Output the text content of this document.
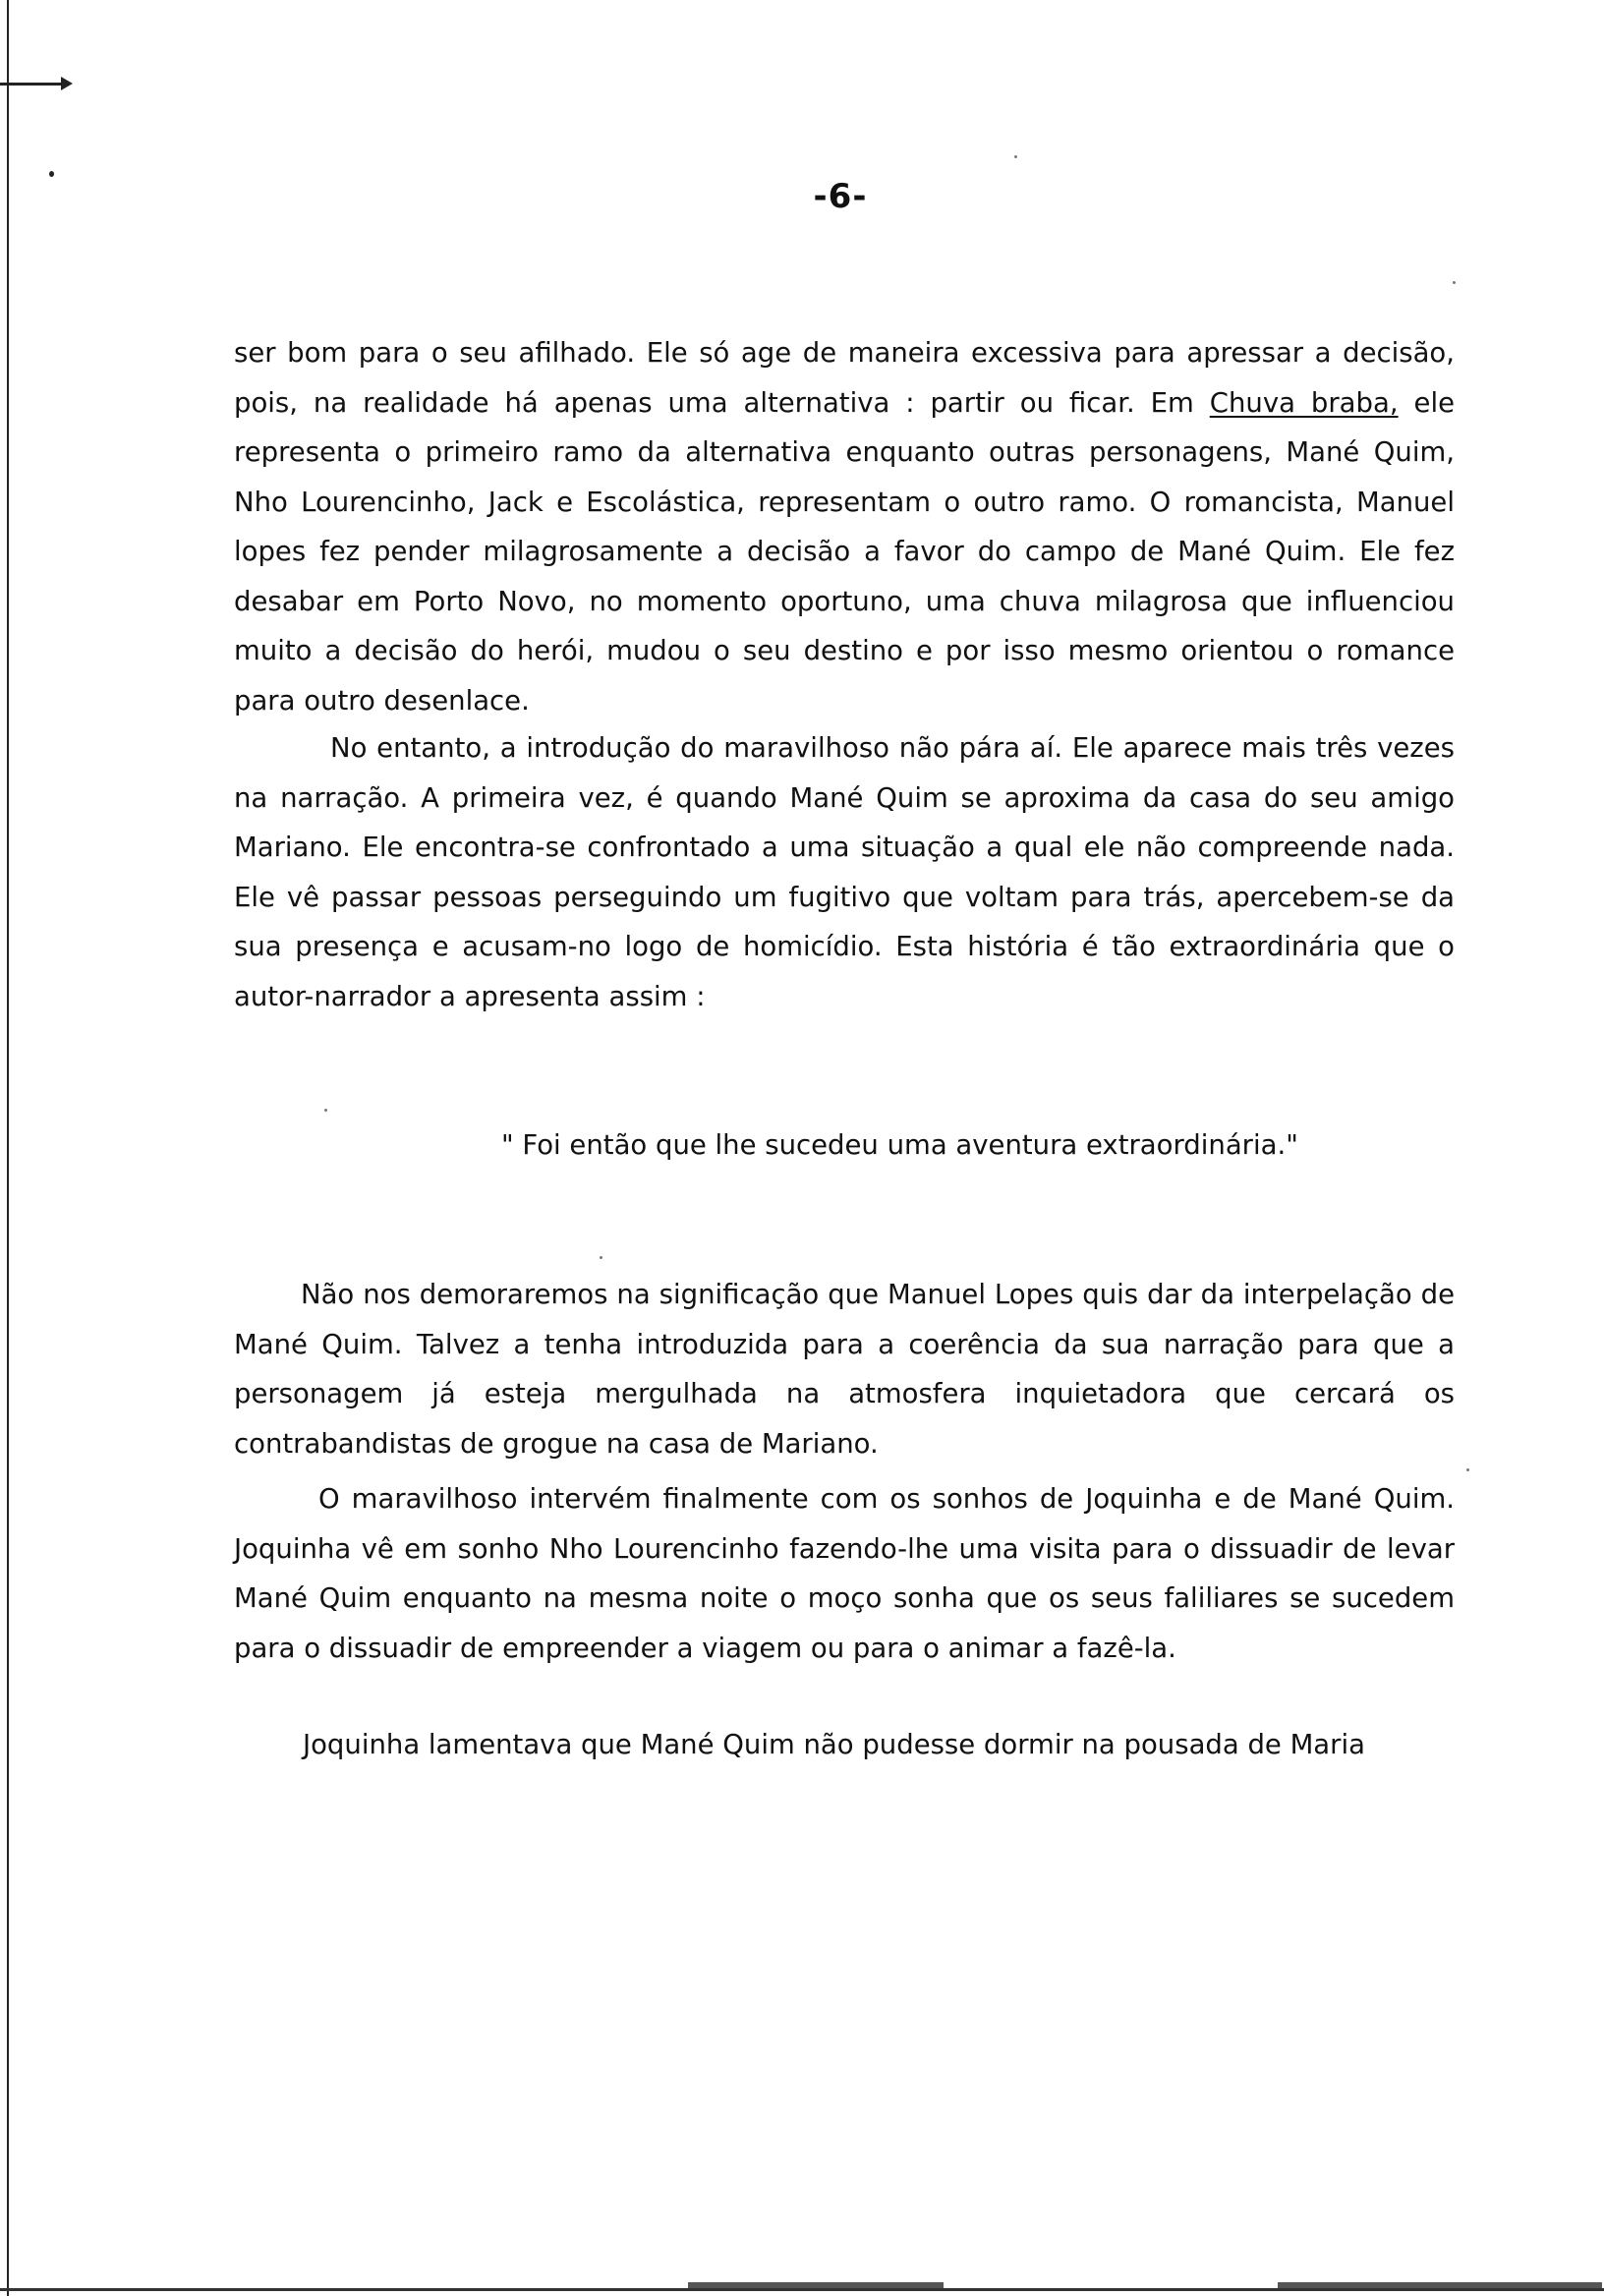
-6-

ser bom para o seu afilhado. Ele só age de maneira excessiva para apressar a decisão, pois, na realidade há apenas uma alternativa : partir ou ficar. Em Chuva braba, ele representa o primeiro ramo da alternativa enquanto outras personagens, Mané Quim, Nho Lourencinho, Jack e Escolástica, representam o outro ramo. O romancista, Manuel lopes fez pender milagrosamente a decisão a favor do campo de Mané Quim. Ele fez desabar em Porto Novo, no momento oportuno, uma chuva milagrosa que influenciou muito a decisão do herói, mudou o seu destino e por isso mesmo orientou o romance para outro desenlace.

No entanto, a introdução do maravilhoso não pára aí. Ele aparece mais três vezes na narração. A primeira vez, é quando Mané Quim se aproxima da casa do seu amigo Mariano. Ele encontra-se confrontado a uma situação a qual ele não compreende nada. Ele vê passar pessoas perseguindo um fugitivo que voltam para trás, apercebem-se da sua presença e acusam-no logo de homicídio. Esta história é tão extraordinária que o autor-narrador a apresenta assim :

" Foi então que lhe sucedeu uma aventura extraordinária."

Não nos demoraremos na significação que Manuel Lopes quis dar da interpelação de Mané Quim. Talvez a tenha introduzida para a coerência da sua narração para que a personagem já esteja mergulhada na atmosfera inquietadora que cercará os contrabandistas de grogue na casa de Mariano.

O maravilhoso intervém finalmente com os sonhos de Joquinha e de Mané Quim. Joquinha vê em sonho Nho Lourencinho fazendo-lhe uma visita para o dissuadir de levar Mané Quim enquanto na mesma noite o moço sonha que os seus faliliares se sucedem para o dissuadir de empreender a viagem ou para o animar a fazê-la.

Joquinha lamentava que Mané Quim não pudesse dormir na pousada de Maria
